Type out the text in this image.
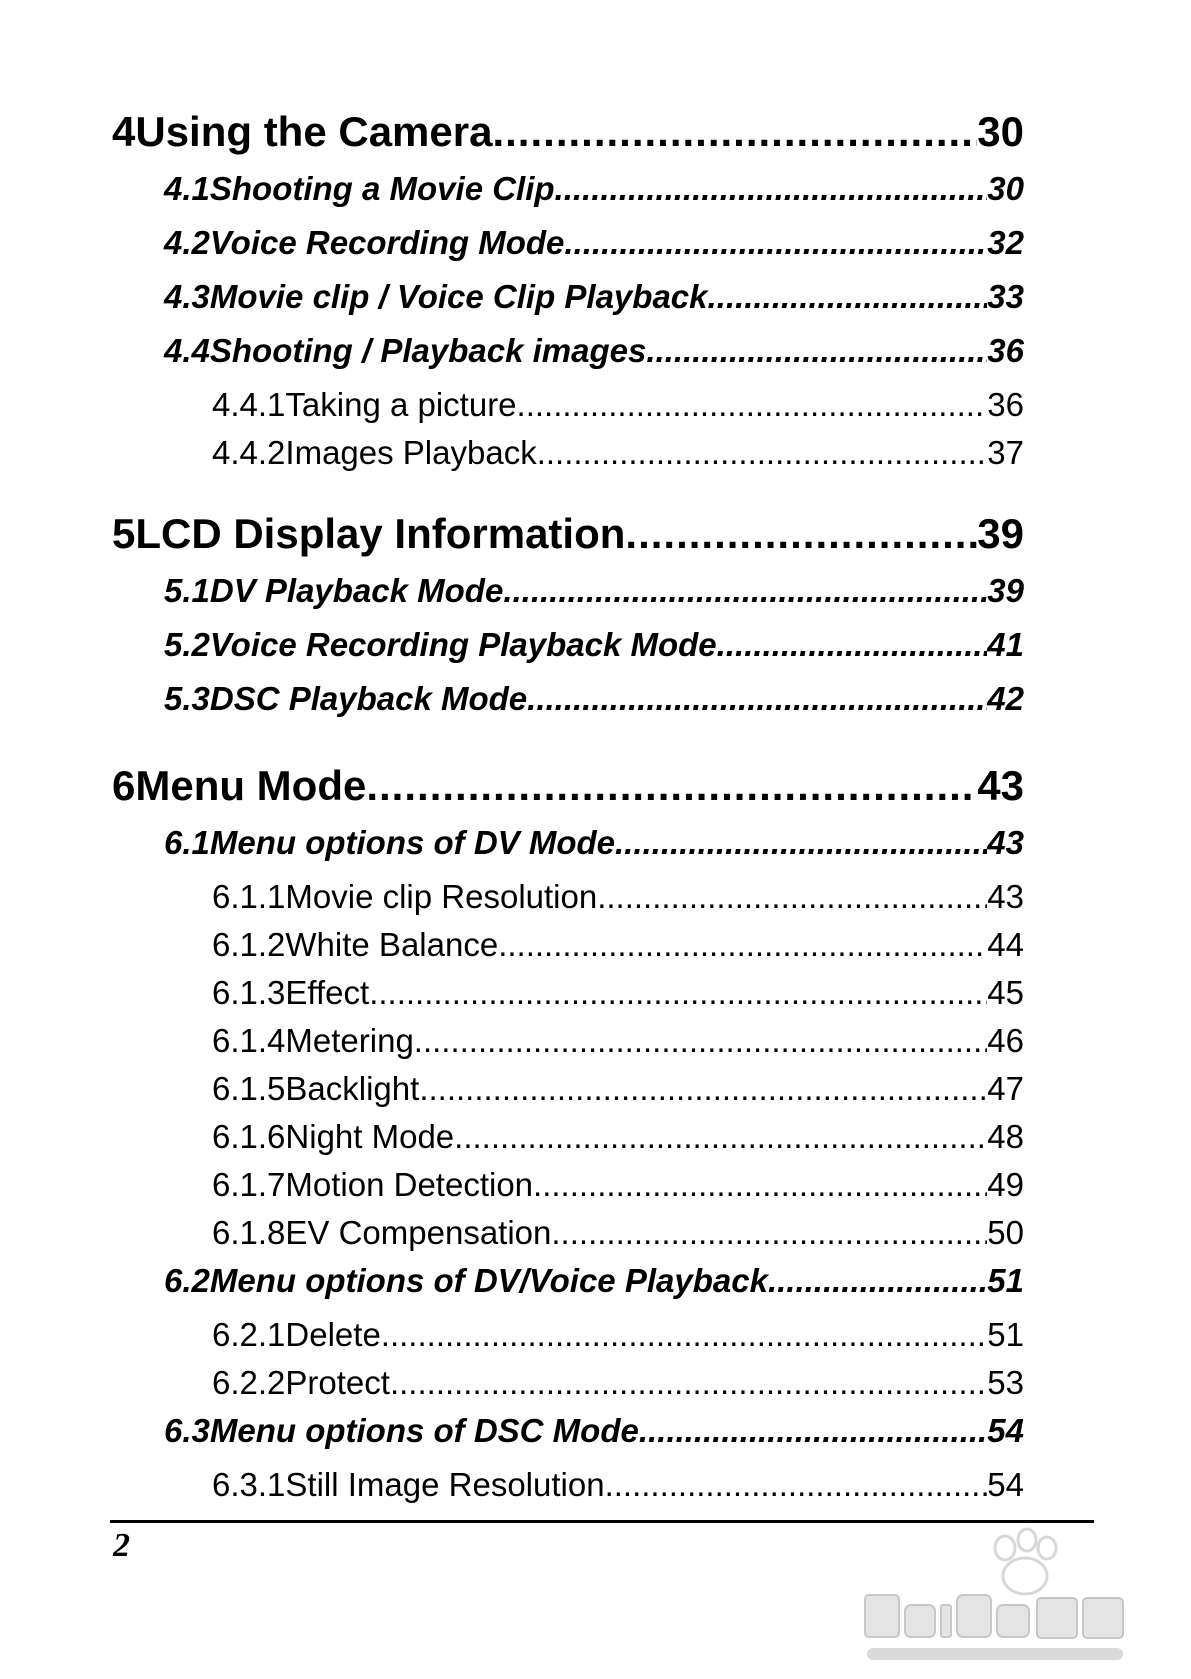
4 Using the Camera .....	30
4.1 Shooting a Movie Clip .....	30
4.2 Voice Recording Mode .....	32
4.3 Movie clip / Voice Clip Playback .....	33
4.4 Shooting / Playback images .....	36
4.4.1 Taking a picture .....	36
4.4.2 Images Playback .....	37
5 LCD Display Information .....	39
5.1 DV Playback Mode .....	39
5.2 Voice Recording Playback Mode .....	41
5.3 DSC Playback Mode .....	42
6 Menu Mode .....	43
6.1 Menu options of DV Mode .....	43
6.1.1 Movie clip Resolution .....	43
6.1.2 White Balance .....	44
6.1.3 Effect .....	45
6.1.4 Metering .....	46
6.1.5 Backlight .....	47
6.1.6 Night Mode .....	48
6.1.7 Motion Detection .....	49
6.1.8 EV Compensation .....	50
6.2 Menu options of DV/Voice Playback .....	51
6.2.1 Delete .....	51
6.2.2 Protect .....	53
6.3 Menu options of DSC Mode .....	54
6.3.1 Still Image Resolution .....	54
2
